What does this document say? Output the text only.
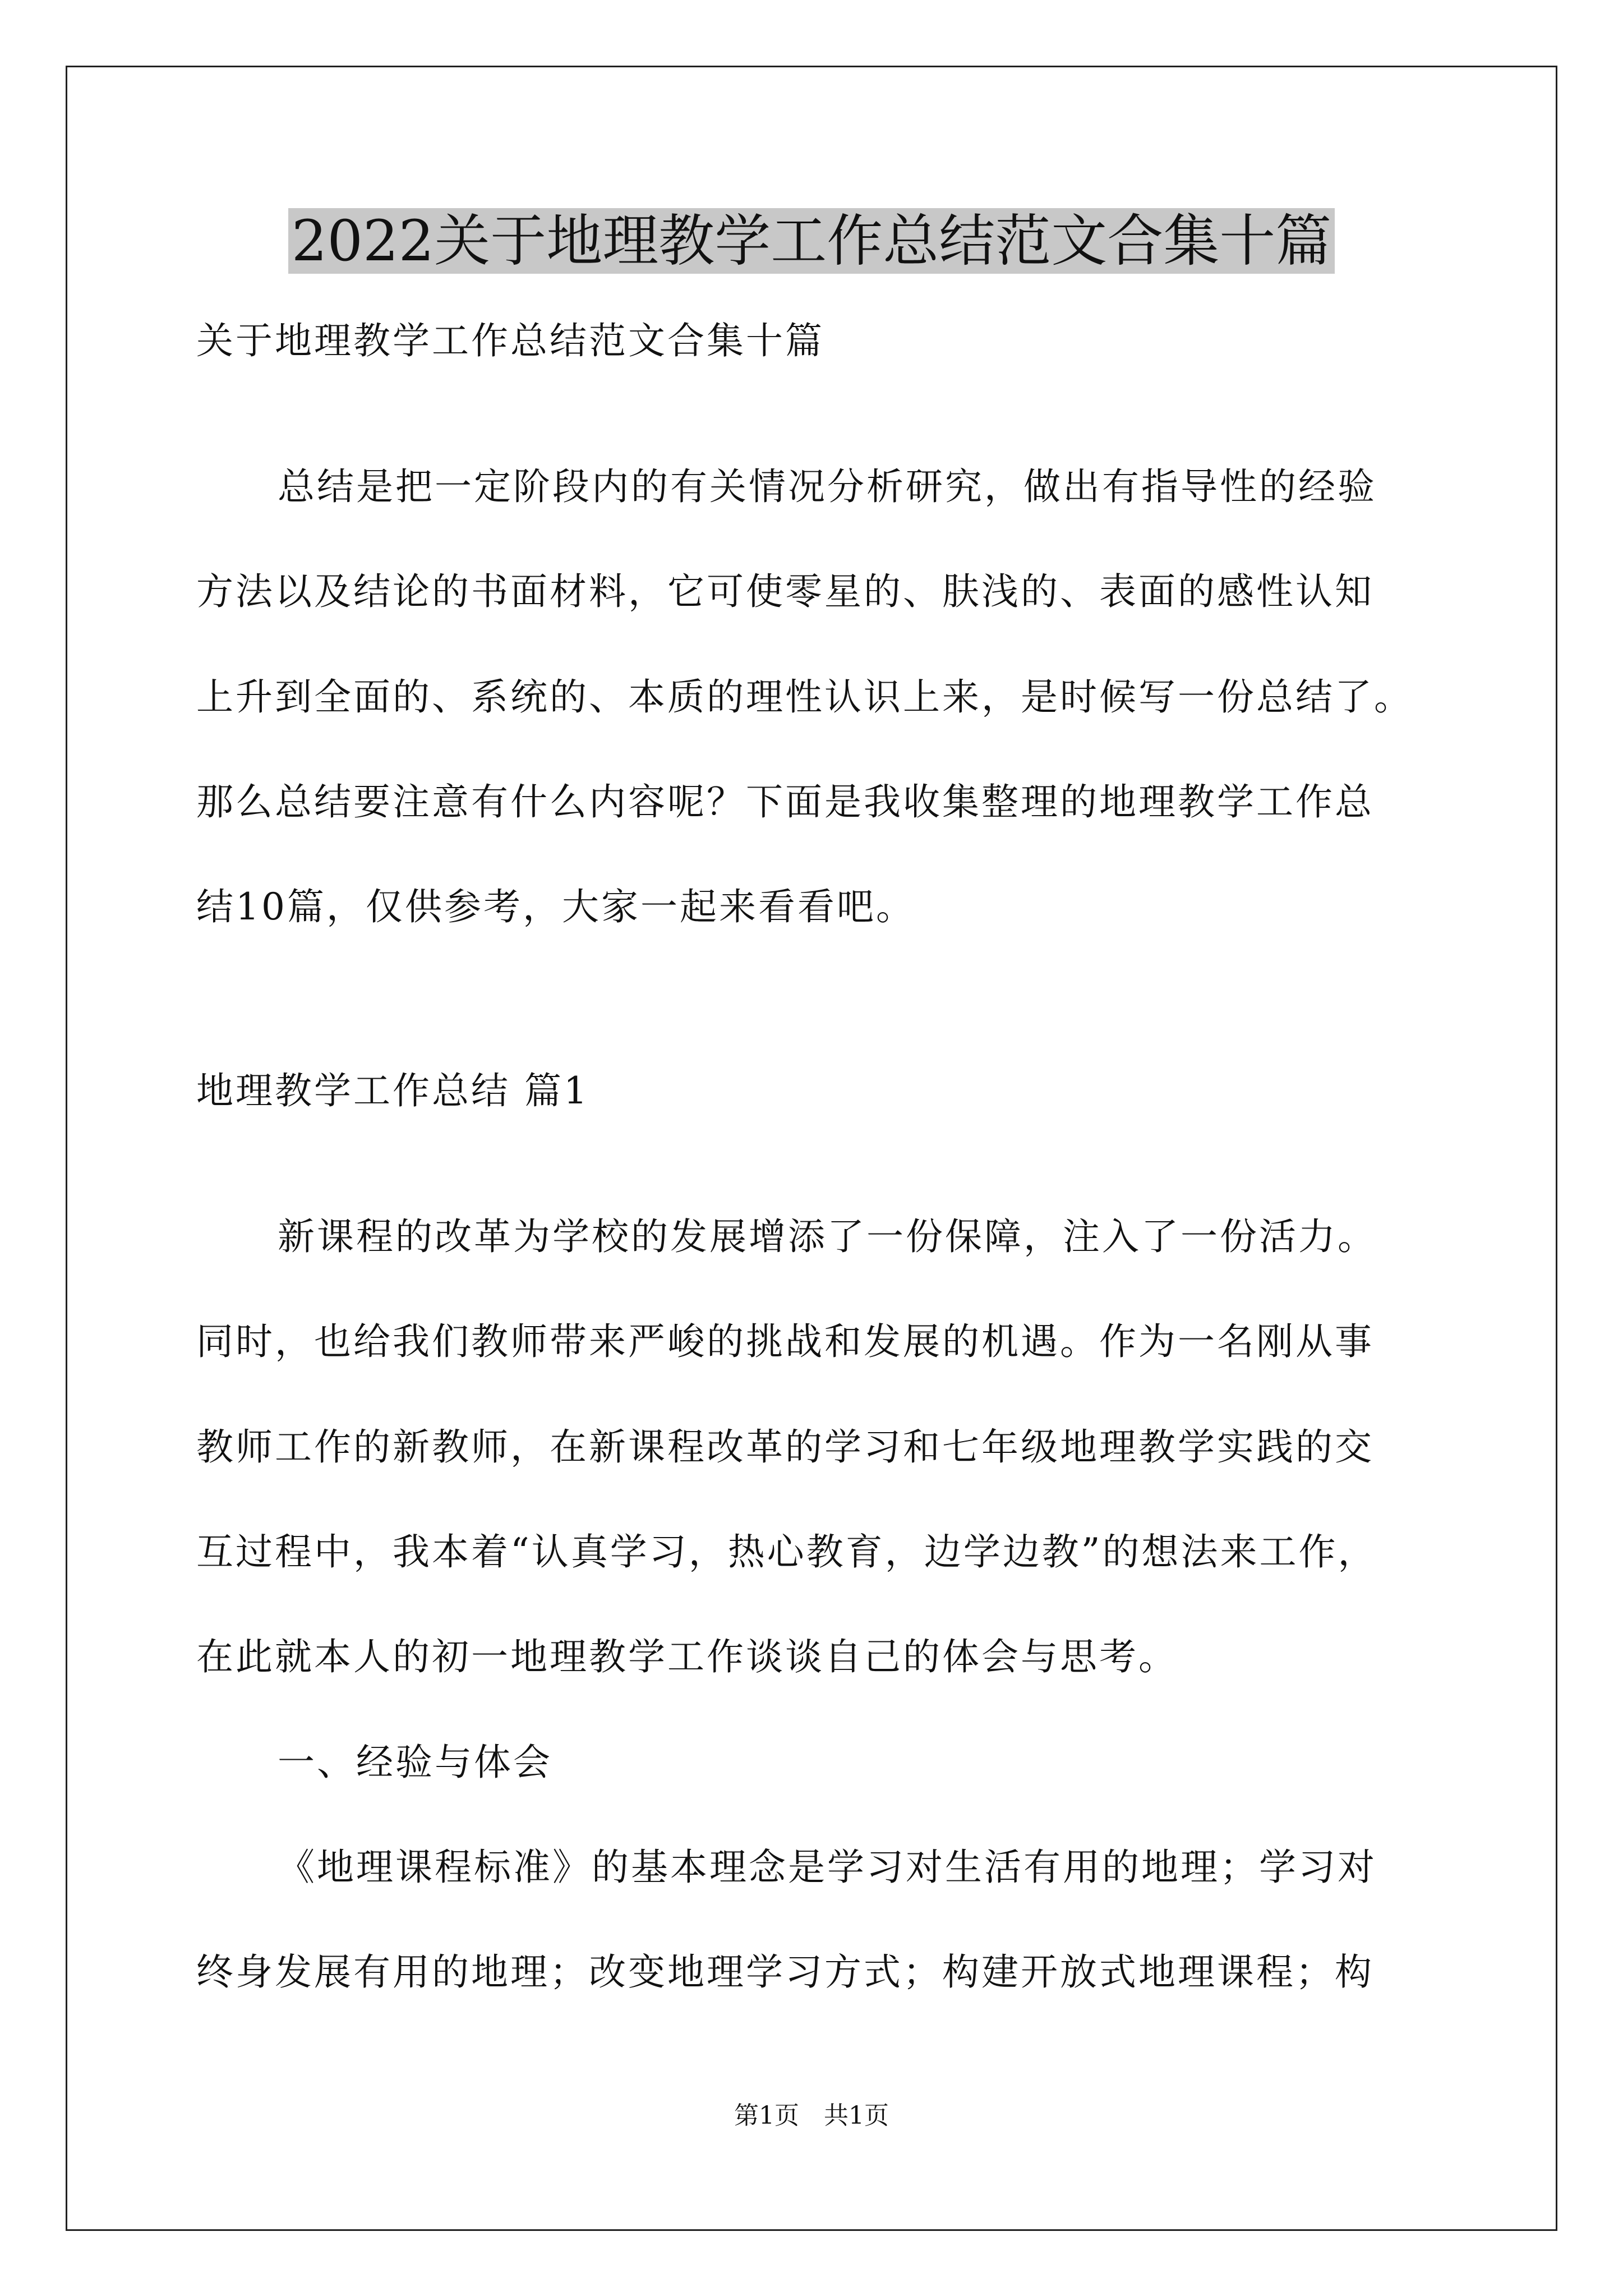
2022关于地理教学工作总结范文合集十篇
关于地理教学工作总结范文合集十篇
总结是把一定阶段内的有关情况分析研究，做出有指导性的经验
方法以及结论的书面材料，它可使零星的、肤浅的、表面的感性认知
上升到全面的、系统的、本质的理性认识上来，是时候写一份总结了。
那么总结要注意有什么内容呢？下面是我收集整理的地理教学工作总
结10篇，仅供参考，大家一起来看看吧。
地理教学工作总结 篇1
新课程的改革为学校的发展增添了一份保障，注入了一份活力。
同时，也给我们教师带来严峻的挑战和发展的机遇。作为一名刚从事
教师工作的新教师，在新课程改革的学习和七年级地理教学实践的交
互过程中，我本着“认真学习，热心教育，边学边教”的想法来工作，
在此就本人的初一地理教学工作谈谈自己的体会与思考。
一、经验与体会
《地理课程标准》的基本理念是学习对生活有用的地理；学习对
终身发展有用的地理；改变地理学习方式；构建开放式地理课程；构
第1页　共1页
